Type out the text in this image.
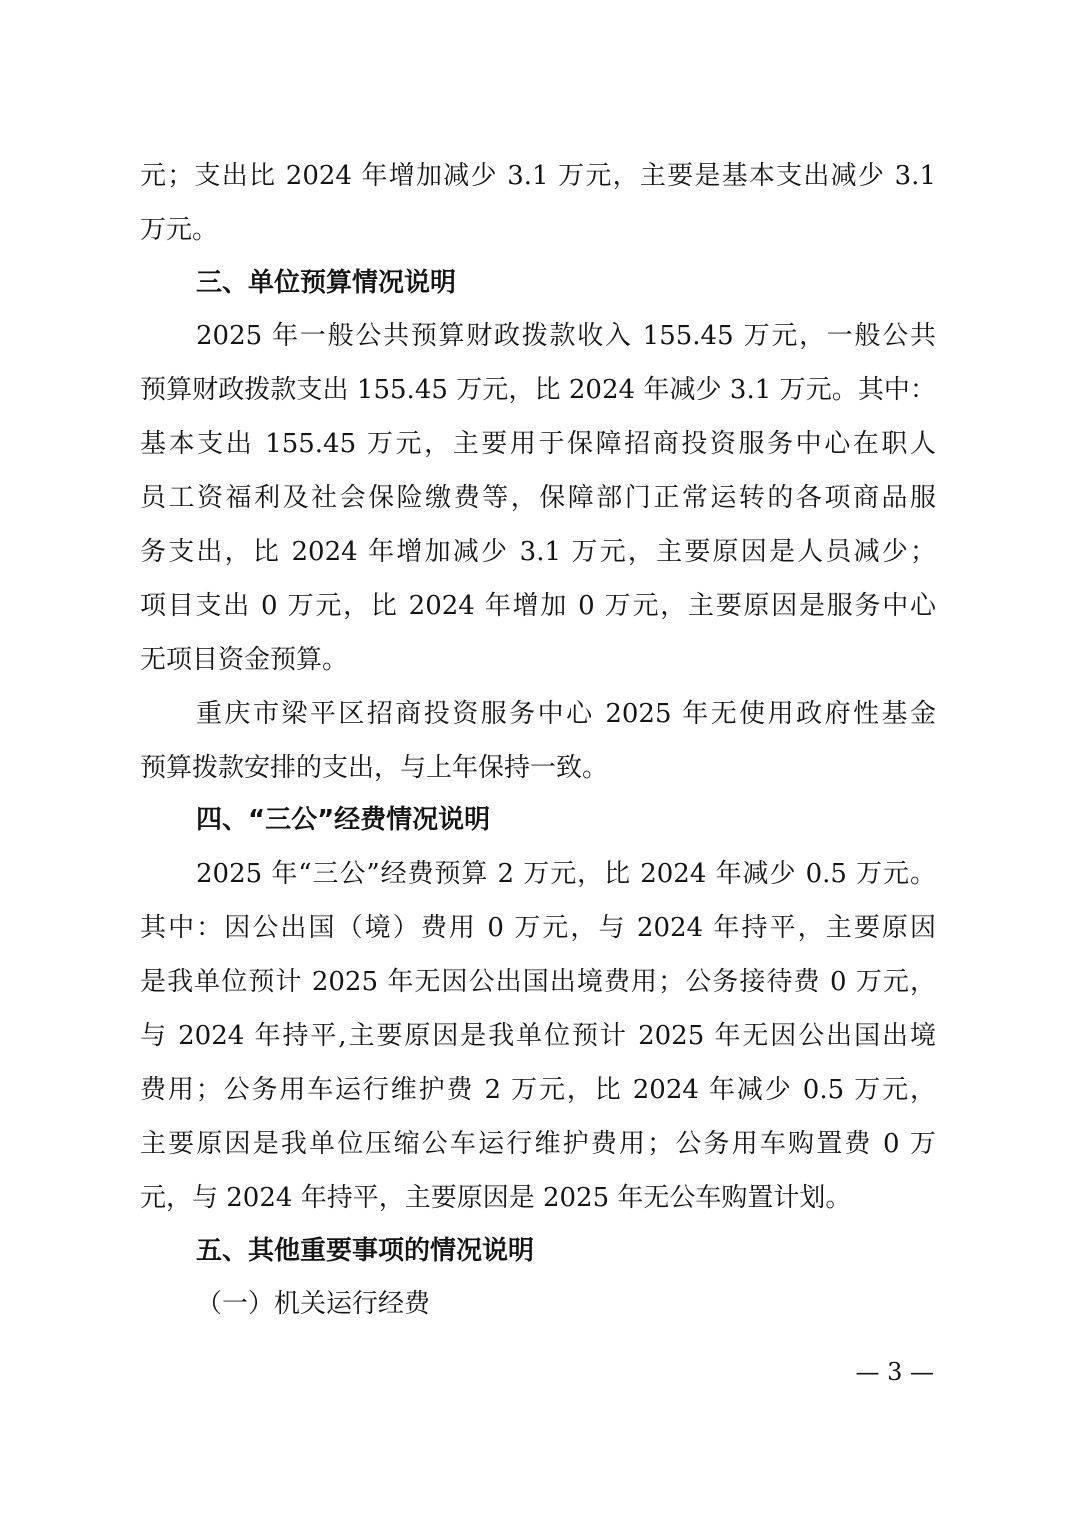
元；支出比 2024 年增加减少 3.1 万元，主要是基本支出减少 3.1
万元。
三、单位预算情况说明
2025 年一般公共预算财政拨款收入 155.45 万元，一般公共
预算财政拨款支出 155.45 万元，比 2024 年减少 3.1 万元。其中：
基本支出 155.45 万元，主要用于保障招商投资服务中心在职人
员工资福利及社会保险缴费等，保障部门正常运转的各项商品服
务支出，比 2024 年增加减少 3.1 万元，主要原因是人员减少；
项目支出 0 万元，比 2024 年增加 0 万元，主要原因是服务中心
无项目资金预算。
重庆市梁平区招商投资服务中心 2025 年无使用政府性基金
预算拨款安排的支出，与上年保持一致。
四、“三公”经费情况说明
2025 年“三公”经费预算 2 万元，比 2024 年减少 0.5 万元。
其中：因公出国（境）费用 0 万元，与 2024 年持平，主要原因
是我单位预计 2025 年无因公出国出境费用；公务接待费 0 万元，
与 2024 年持平,主要原因是我单位预计 2025 年无因公出国出境
费用；公务用车运行维护费 2 万元，比 2024 年减少 0.5 万元，
主要原因是我单位压缩公车运行维护费用；公务用车购置费 0 万
元，与 2024 年持平，主要原因是 2025 年无公车购置计划。
五、其他重要事项的情况说明
（一）机关运行经费
— 3 —
